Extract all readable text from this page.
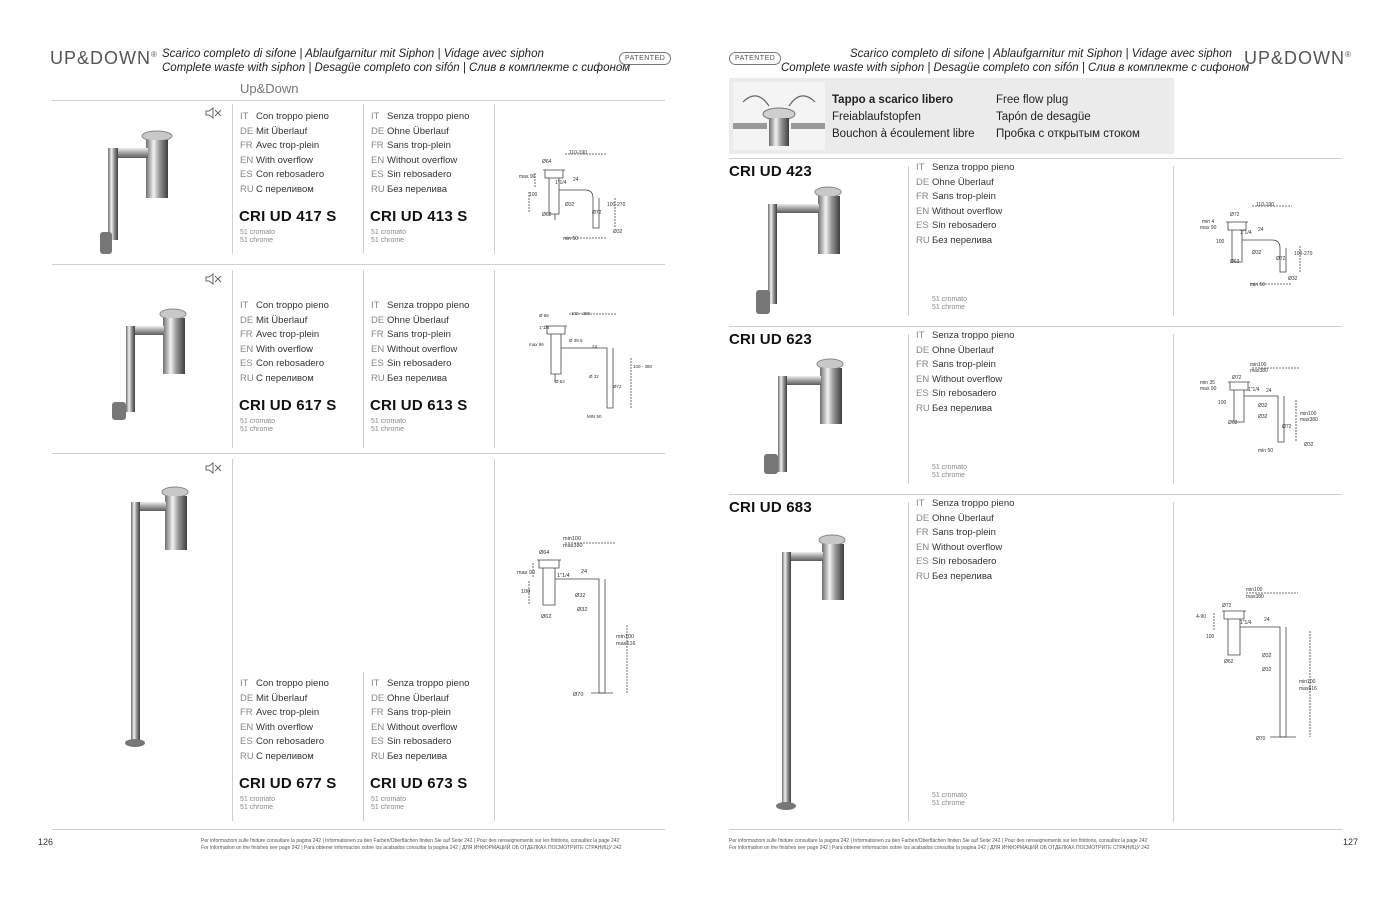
UP&DOWN® Scarico completo di sifone | Ablaufgarnitur mit Siphon | Vidage avec siphon
Complete waste with siphon | Desagüe completo con sifón | Слив в комплекте с сифоном
PATENTED
Up&Down
IT Con troppo pieno
DE Mit Überlauf
FR Avec trop-plein
EN With overflow
ES Con rebosadero
RU С переливом
IT Senza troppo pieno
DE Ohne Überlauf
FR Sans trop-plein
EN Without overflow
ES Sin rebosadero
RU Без перелива
CRI UD 417 S CRI UD 413 S
51 cromato
51 chrome
51 cromato
51 chrome
IT Con troppo pieno
DE Mit Überlauf
FR Avec trop-plein
EN With overflow
ES Con rebosadero
RU С переливом
IT Senza troppo pieno
DE Ohne Überlauf
FR Sans trop-plein
EN Without overflow
ES Sin rebosadero
RU Без перелива
CRI UD 617 S CRI UD 613 S
51 cromato
51 chrome
51 cromato
51 chrome
IT Con troppo pieno
DE Mit Überlauf
FR Avec trop-plein
EN With overflow
ES Con rebosadero
RU С переливом
IT Senza troppo pieno
DE Ohne Überlauf
FR Sans trop-plein
EN Without overflow
ES Sin rebosadero
RU Без перелива
CRI UD 677 S CRI UD 673 S
51 cromato
51 chrome
51 cromato
51 chrome
110-190
Ø64
max 90
1"1/4 24
100
Ø32
Ø72
100-270
Ø62
Ø32
min 50
Ø 68	100 - 380
1"1/4
max 96
Ø 38.5
24
Ø 62
Ø 32
Ø72
100 - 380
MIN 50
min100
max380
Ø64
max 90	1"1/4
24
100
Ø32
Ø62
Ø32
min100
max616
Ø70
126	Per informazioni sulle finiture consultare la pagina 242 | Informationen zu den Farben/Oberflächen finden Sie auf Seite 242 | Pour des renseignements sur les finitions, consultez la page 242
For information on the finishes see page 242 | Para obtener informacion sobre los acabados consultar la pagina 242 | ДЛЯ ИНФОРМАЦИЙ ОБ ОТДЕЛКАХ ПОСМОТРИТЕ СТРАНИЦУ 242
PATENTED	Scarico completo di sifone | Ablaufgarnitur mit Siphon | Vidage avec siphon
Complete waste with siphon | Desagüe completo con sifón | Слив в комплекте с сифоном
UP&DOWN®
Tappo a scarico libero
Freiablaufstopfen
Bouchon à écoulement libre
Free flow plug
Tapón de desagüe
Пробка с открытым стоком
CRI UD 423	IT Senza troppo pieno
DE Ohne Überlauf
FR Sans trop-plein
EN Without overflow
ES Sin rebosadero
RU Без перелива
51 cromato
51 chrome
110-190
Ø72
min 4
max 90
1"1/4 24
100
Ø32
Ø63	Ø72
100-270
Ø32
min 50
CRI UD 623	IT Senza troppo pieno
DE Ohne Überlauf
FR Sans trop-plein
EN Without overflow
ES Sin rebosadero
RU Без перелива
51 cromato
51 chrome
min100
max380
min 35
max 90
Ø72
1"1/4 24
100	Ø32
Ø62
Ø32	min100
max380
Ø72
Ø32
min 50
CRI UD 683	IT Senza troppo pieno
DE Ohne Überlauf
FR Sans trop-plein
EN Without overflow
ES Sin rebosadero
RU Без перелива
51 cromato
51 chrome
min100
max380
Ø72
4-90
1"1/4 24
100
Ø32
Ø62
Ø32
min100
max616
Ø70
Per informazioni sulle finiture consultare la pagina 242 | Informationen zu den Farben/Oberflächen finden Sie auf Seite 242 | Pour des renseignements sur les finitions, consultez la page 242
For information on the finishes see page 242 | Para obtener informacion sobre los acabados consultar la pagina 242 | ДЛЯ ИНФОРМАЦИЙ ОБ ОТДЕЛКАХ ПОСМОТРИТЕ СТРАНИЦУ 242
127
